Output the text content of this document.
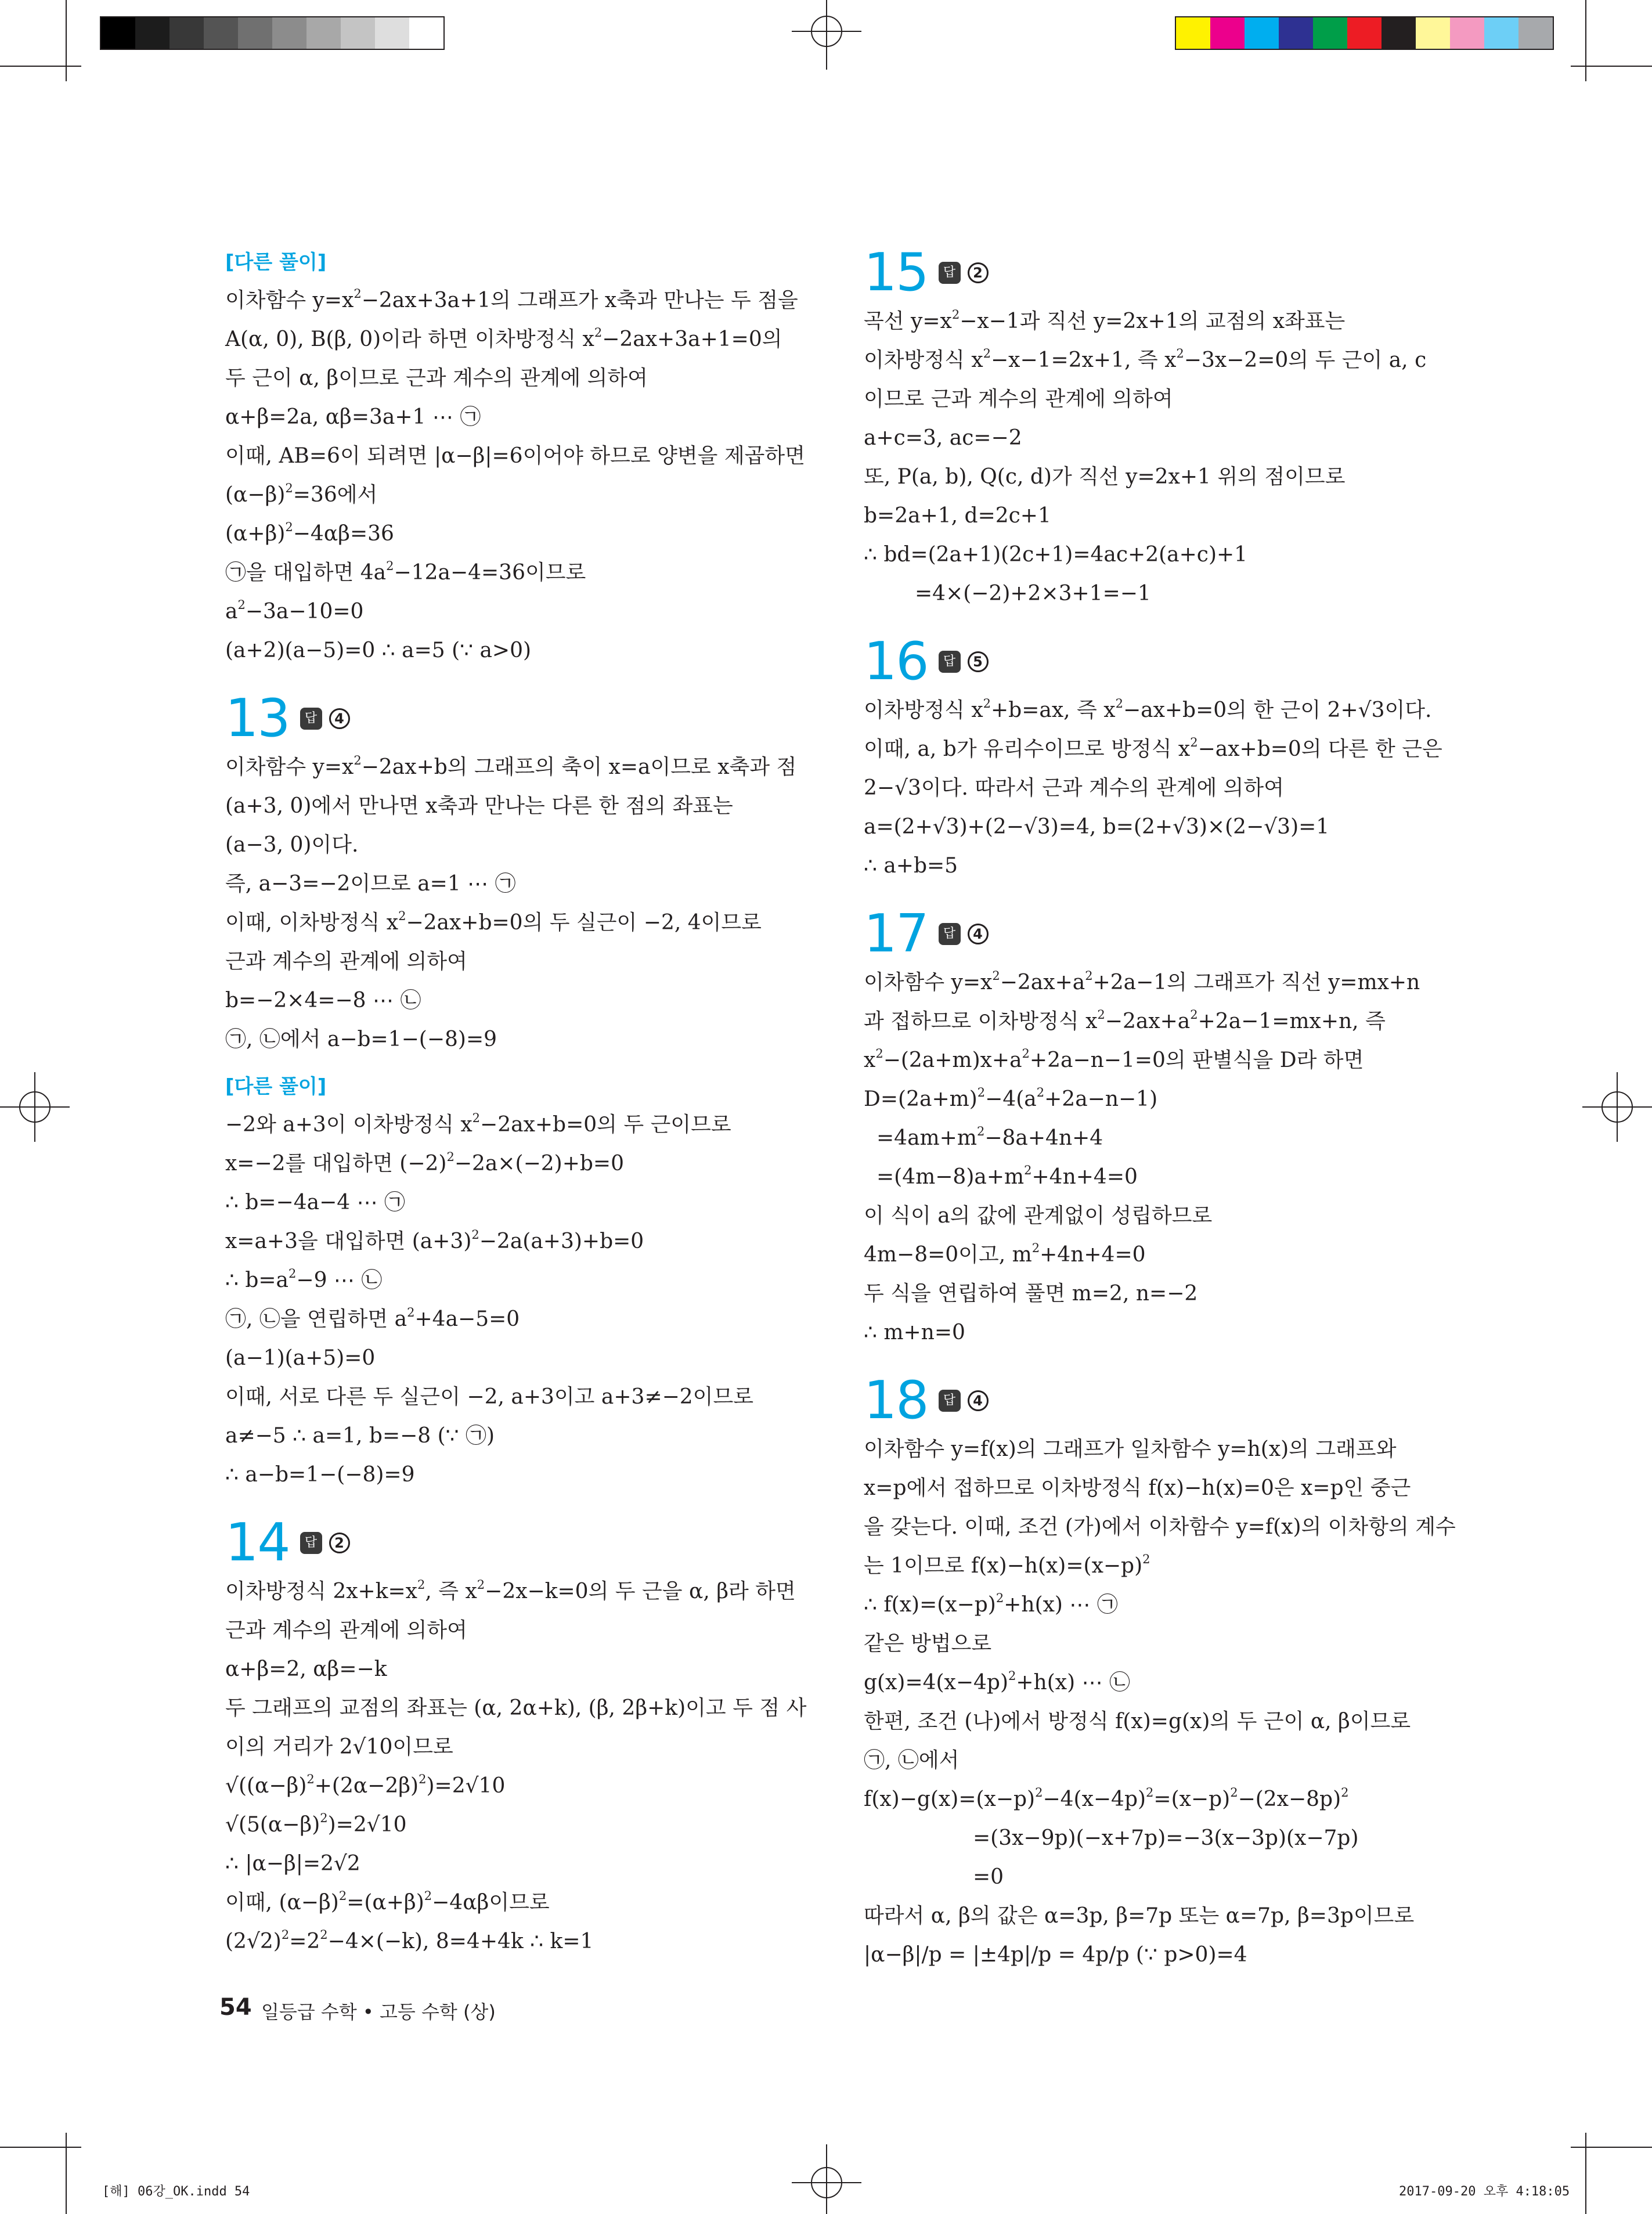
[다른 풀이]
이차함수 $y=x^2-2ax+3a+1$의 그래프가 x축과 만나는 두 점을
A(α, 0), B(β, 0)이라 하면 이차방정식 $x^2-2ax+3a+1=0$의
두 근이 α, β이므로 근과 계수의 관계에 의하여
α+β=2a, αβ=3a+1 ⋯ ㉠
이때, AB=6이 되려면 |α−β|=6이어야 하므로 양변을 제곱하면
$(\alpha-\beta)^2=36$에서
$(\alpha+\beta)^2-4\alpha\beta=36$
㉠을 대입하면 $4a^2-12a-4=36$이므로
$a^2-3a-10=0$
(a+2)(a−5)=0 ∴ a=5 (∵ a>0)
13	답	4
이차함수 $y=x^2-2ax+b$의 그래프의 축이 x=a이므로 x축과 점
(a+3, 0)에서 만나면 x축과 만나는 다른 한 점의 좌표는
(a−3, 0)이다.
즉, a−3=−2이므로 a=1 ⋯ ㉠
이때, 이차방정식 $x^2-2ax+b=0$의 두 실근이 −2, 4이므로
근과 계수의 관계에 의하여
b=−2×4=−8 ⋯ ㉡
㉠, ㉡에서 a−b=1−(−8)=9
[다른 풀이]
−2와 a+3이 이차방정식 $x^2-2ax+b=0$의 두 근이므로
x=−2를 대입하면 $(-2)^2-2a\times(-2)+b=0$
∴ b=−4a−4 ⋯ ㉠
x=a+3을 대입하면 $(a+3)^2-2a(a+3)+b=0$
∴ $b=a^2-9$ ⋯ ㉡
㉠, ㉡을 연립하면 $a^2+4a-5=0$
(a−1)(a+5)=0
이때, 서로 다른 두 실근이 −2, a+3이고 a+3≠−2이므로
a≠−5 ∴ a=1, b=−8 (∵ ㉠)
∴ a−b=1−(−8)=9
14	답	2
이차방정식 $2x+k=x^2$, 즉 $x^2-2x-k=0$의 두 근을 α, β라 하면
근과 계수의 관계에 의하여
α+β=2, αβ=−k
두 그래프의 교점의 좌표는 (α, 2α+k), (β, 2β+k)이고 두 점 사
이의 거리가 2√10이므로
$√((\alpha-\beta)^2+(2\alpha-2\beta)^2)=2√10$
$√(5(\alpha-\beta)^2)=2√10$
∴ |α−β|=2√2
이때, $(\alpha-\beta)^2=(\alpha+\beta)^2-4\alpha\beta$이므로
$(2√2)^2=2^2-4\times(-k)$, 8=4+4k ∴ k=1
15	답	2
곡선 $y=x^2-x-1$과 직선 y=2x+1의 교점의 x좌표는
이차방정식 $x^2-x-1=2x+1$, 즉 $x^2-3x-2=0$의 두 근이 a, c
이므로 근과 계수의 관계에 의하여
a+c=3, ac=−2
또, P(a, b), Q(c, d)가 직선 y=2x+1 위의 점이므로
b=2a+1, d=2c+1
∴ bd=(2a+1)(2c+1)=4ac+2(a+c)+1
=4×(−2)+2×3+1=−1
16	답	5
이차방정식 $x^2+b=ax$, 즉 $x^2-ax+b=0$의 한 근이 2+√3이다.
이때, a, b가 유리수이므로 방정식 $x^2-ax+b=0$의 다른 한 근은
2−√3이다. 따라서 근과 계수의 관계에 의하여
a=(2+√3)+(2−√3)=4, b=(2+√3)×(2−√3)=1
∴ a+b=5
17	답	4
이차함수 $y=x^2-2ax+a^2+2a-1$의 그래프가 직선 y=mx+n
과 접하므로 이차방정식 $x^2-2ax+a^2+2a-1=mx+n$, 즉
$x^2-(2a+m)x+a^2+2a-n-1=0$의 판별식을 D라 하면
$D=(2a+m)^2-4(a^2+2a-n-1)$
$=4am+m^2-8a+4n+4$
$=(4m-8)a+m^2+4n+4=0$
이 식이 a의 값에 관계없이 성립하므로
4m−8=0이고, $m^2+4n+4=0$
두 식을 연립하여 풀면 m=2, n=−2
∴ m+n=0
18	답	4
이차함수 y=f(x)의 그래프가 일차함수 y=h(x)의 그래프와
x=p에서 접하므로 이차방정식 f(x)−h(x)=0은 x=p인 중근
을 갖는다. 이때, 조건 (가)에서 이차함수 y=f(x)의 이차항의 계수
는 1이므로 $f(x)-h(x)=(x-p)^2$
∴ $f(x)=(x-p)^2+h(x)$ ⋯ ㉠
같은 방법으로
$g(x)=4(x-4p)^2+h(x)$ ⋯ ㉡
한편, 조건 (나)에서 방정식 f(x)=g(x)의 두 근이 α, β이므로
㉠, ㉡에서
$f(x)-g(x)=(x-p)^2-4(x-4p)^2=(x-p)^2-(2x-8p)^2$
=(3x−9p)(−x+7p)=−3(x−3p)(x−7p)
=0
따라서 α, β의 값은 α=3p, β=7p 또는 α=7p, β=3p이므로
|α−β|/p = |±4p|/p = 4p/p (∵ p>0)=4
54 일등급 수학 • 고등 수학 (상)
[해] 06강_OK.indd 54	2017-09-20 오후 4:18:05
